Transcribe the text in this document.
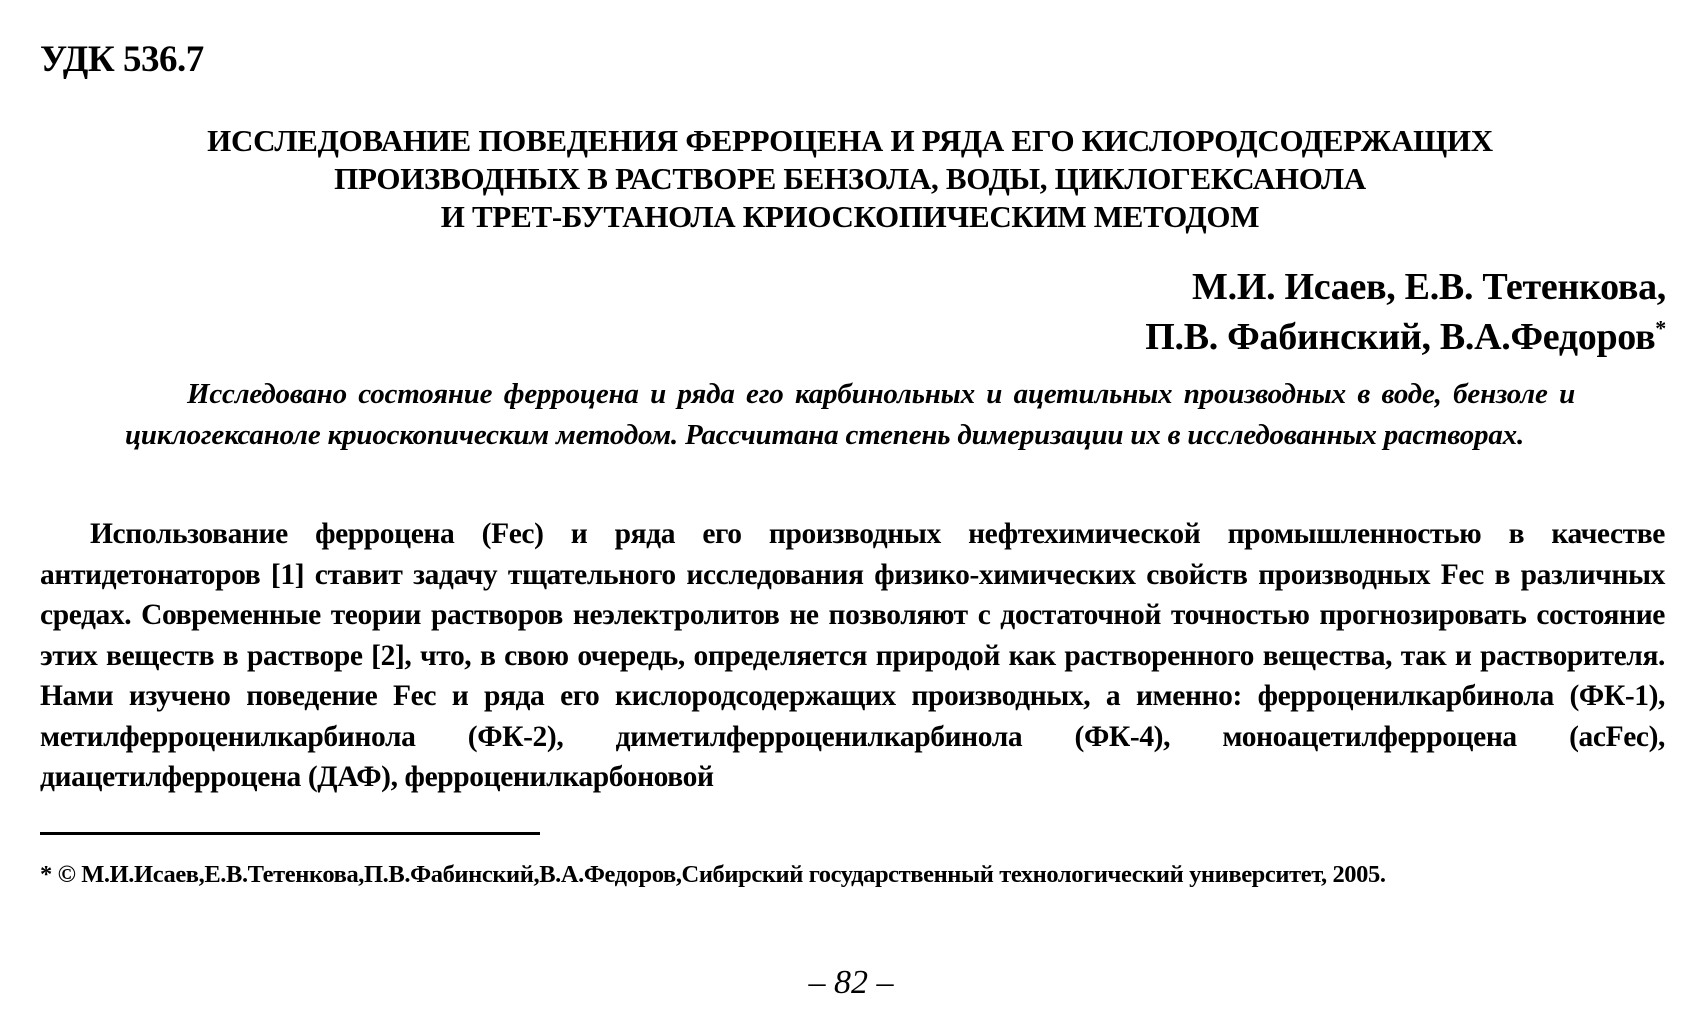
УДК 536.7
ИССЛЕДОВАНИЕ ПОВЕДЕНИЯ ФЕРРОЦЕНА И РЯДА ЕГО КИСЛОРОДСОДЕРЖАЩИХ
ПРОИЗВОДНЫХ В РАСТВОРЕ БЕНЗОЛА, ВОДЫ, ЦИКЛОГЕКСАНОЛА
И ТРЕТ-БУТАНОЛА КРИОСКОПИЧЕСКИМ МЕТОДОМ
М.И. Исаев, Е.В. Тетенкова,
П.В. Фабинский, В.А.Федоров*
Исследовано состояние ферроцена и ряда его карбинольных и ацетильных производных в воде, бензоле и циклогексаноле криоскопическим методом. Рассчитана степень димеризации их в исследованных растворах.
Использование ферроцена (Fec) и ряда его производных нефтехимической промышленностью в качестве антидетонаторов [1] ставит задачу тщательного исследования физико-химических свойств производных Fec в различных средах. Современные теории растворов неэлектролитов не позволяют с достаточной точностью прогнозировать состояние этих веществ в растворе [2], что, в свою очередь, определяется природой как растворенного вещества, так и растворителя. Нами изучено поведение Fec и ряда его кислородсодержащих производных, а именно: ферроценилкарбинола (ФК-1), метилферроценилкарбинола (ФК-2), диметилферроценилкарбинола (ФК-4), моноацетилферроцена (acFec), диацетилферроцена (ДАФ), ферроценилкарбоновой
* © М.И.Исаев,Е.В.Тетенкова,П.В.Фабинский,В.А.Федоров,Сибирский государственный технологический университет, 2005.
– 82 –
